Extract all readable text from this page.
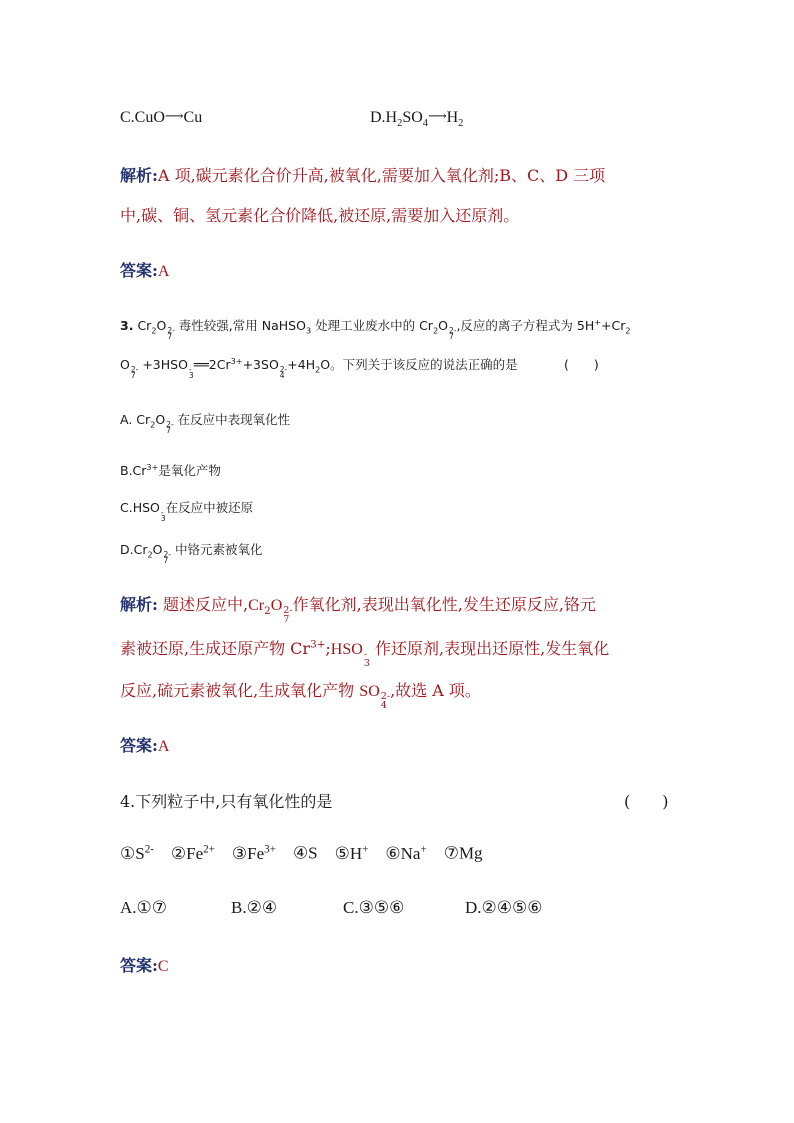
C.CuO⟶Cu	$D.H_2SO_4⟶H_2$
解析:A 项,碳元素化合价升高,被氧化,需要加入氧化剂;B、C、D 三项
中,碳、铜、氢元素化合价降低,被还原,需要加入还原剂。
答案:A
3. $Cr_2O$ 2-
7
毒性较强,常用 NaHSO$_3$ 处理工业废水中的 $Cr_2O$ 2-
7
,反应的离子方程式为 $5H^++Cr_2$
O 2-
7
+3HSO -
3
$══2Cr^{3+}+3SO$ 2-
4
$+4H_2O$。下列关于该反应的说法正确的是	(　　)
A. $Cr_2O$ 2-
7
在反应中表现氧化性
$B.Cr^{3+}$是氧化产物
C.HSO -
3
在反应中被还原
$D.Cr_2O$ 2-
7
中铬元素被氧化
解析: 题述反应中$,Cr_2O$ 2-
7
作氧化剂,表现出氧化性,发生还原反应,铬元
素被还原,生成还原产物 $Cr^{3+};HSO$ -
3
作还原剂,表现出还原性,发生氧化
反应,硫元素被氧化,生成氧化产物 SO 2-
4
,故选 A 项。
答案:A
4.下列粒子中,只有氧化性的是	(　　)
$①S^{2-}$ $②Fe^{2+}$ $③Fe^{3+}$ ④S ⑤H+ ⑥Na+ ⑦Mg
A.①⑦	B.②④	C.③⑤⑥	D.②④⑤⑥
答案:C
